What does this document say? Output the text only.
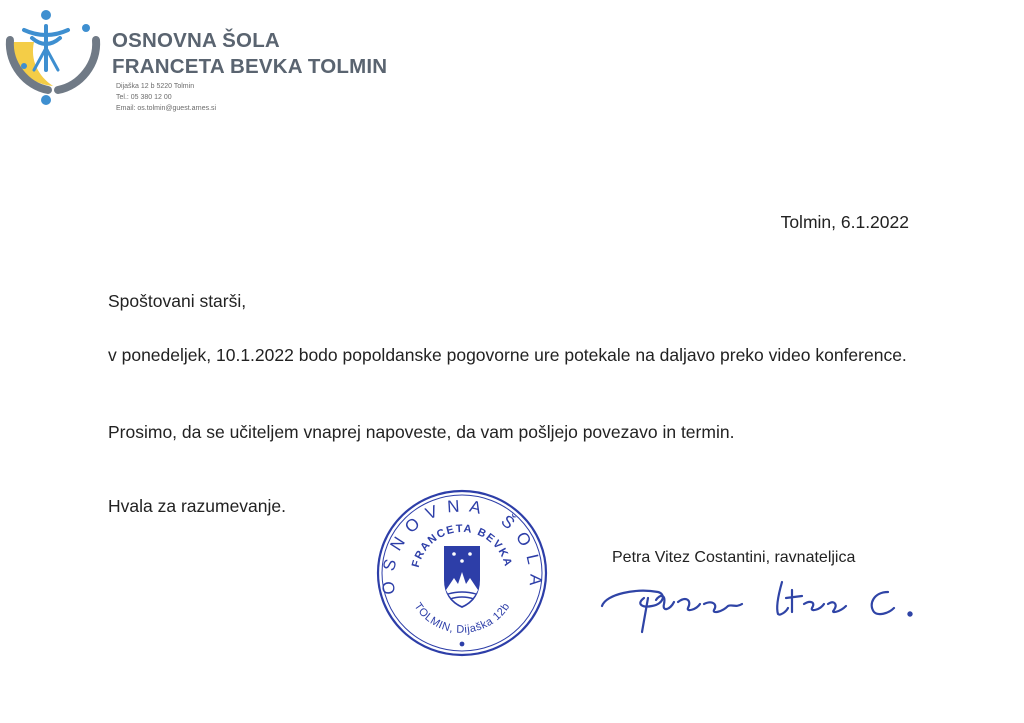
OSNOVNA ŠOLA
FRANCETA BEVKA TOLMIN
Dijaška 12 b 5220 Tolmin
Tel.: 05 380 12 00
Email: os.tolmin@guest.arnes.si
Tolmin, 6.1.2022

Spoštovani starši,

v ponedeljek, 10.1.2022 bodo popoldanske pogovorne ure potekale na daljavo preko video konference.

Prosimo, da se učiteljem vnaprej napoveste, da vam pošljejo povezavo in termin.

Hvala za razumevanje.

OSNOVNA ŠOLA
FRANCETA BEVKA
TOLMIN, Dijaška 12b
Petra Vitez Costantini, ravnateljica
